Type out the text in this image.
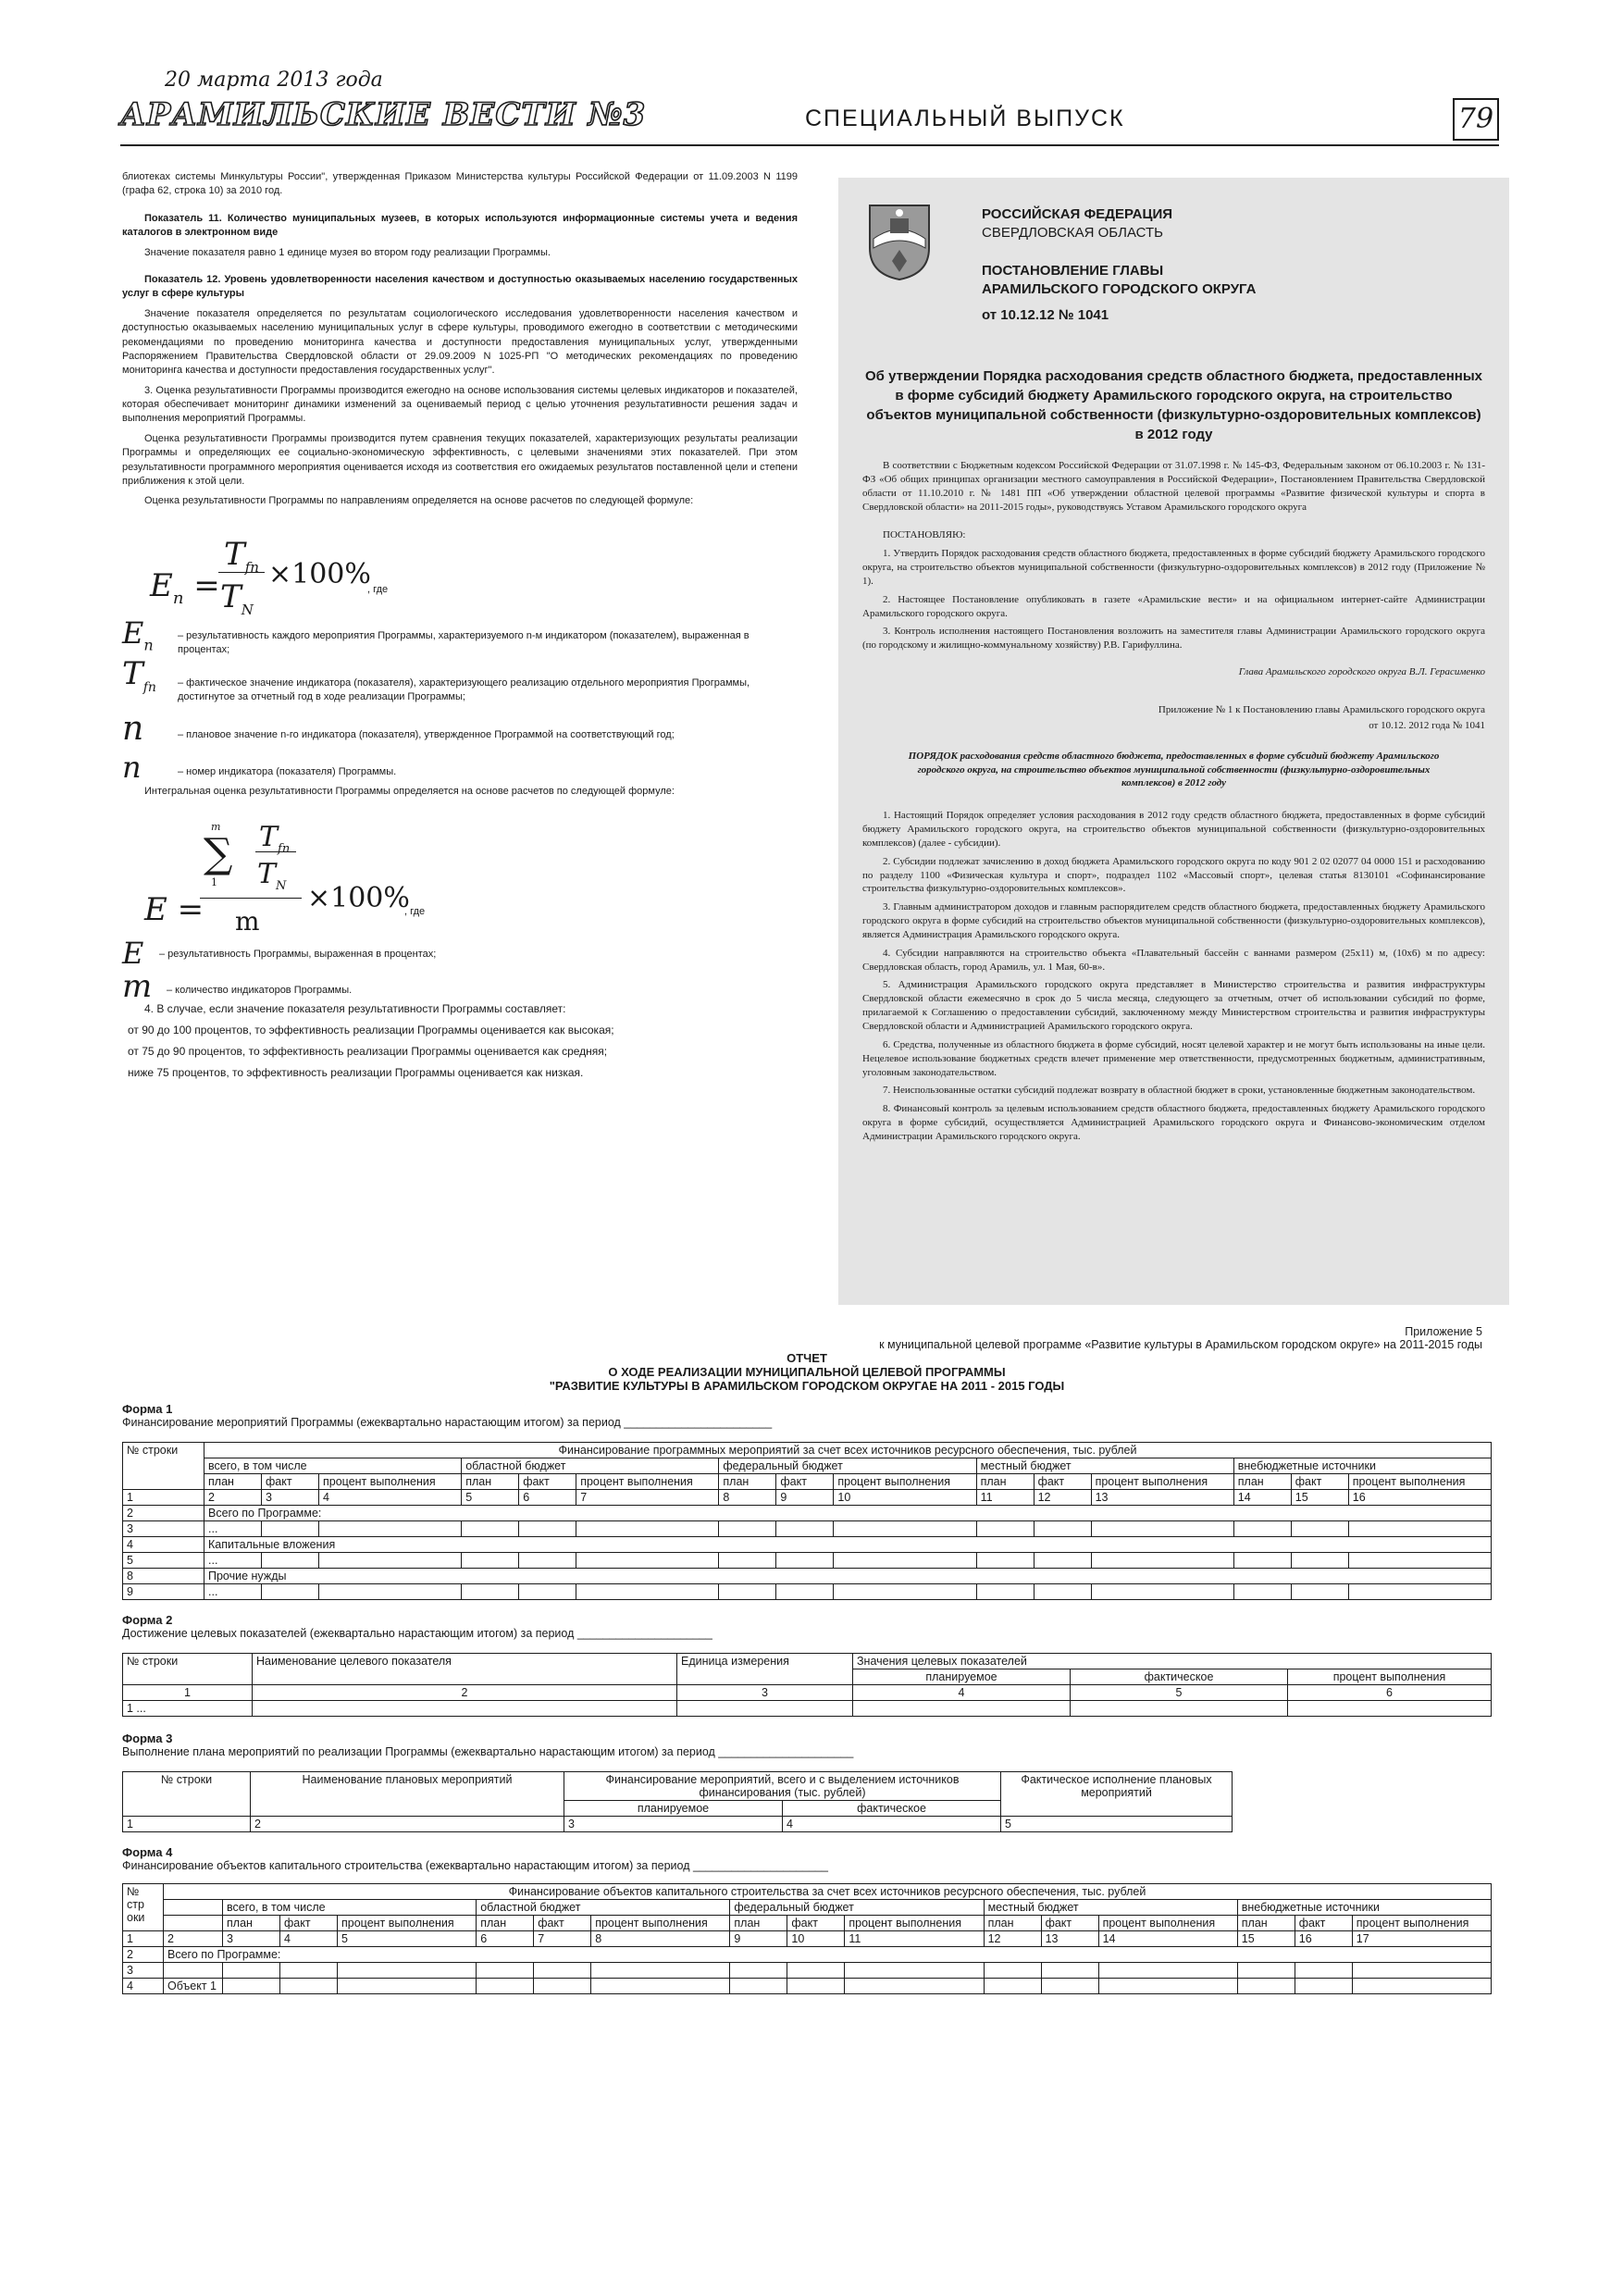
20 марта 2013 года
АРАМИЛЬСКИЕ ВЕСТИ №3	СПЕЦИАЛЬНЫЙ ВЫПУСК	79

блиотеках системы Минкультуры России", утвержденная Приказом Министерства культуры Российской Федерации от 11.09.2003 N 1199 (графа 62, строка 10) за 2010 год.

Показатель 11. Количество муниципальных музеев, в которых используются информационные системы учета и ведения каталогов в электронном виде

Значение показателя равно 1 единице музея во втором году реализации Программы.

Показатель 12. Уровень удовлетворенности населения качеством и доступностью оказываемых населению государственных услуг в сфере культуры

Значение показателя определяется по результатам социологического исследования удовлетворенности населения качеством и доступностью оказываемых населению муниципальных услуг в сфере культуры, проводимого ежегодно в соответствии с методическими рекомендациями по проведению мониторинга качества и доступности предоставления муниципальных услуг, утвержденными Распоряжением Правительства Свердловской области от 29.09.2009 N 1025-РП "О методических рекомендациях по проведению мониторинга качества и доступности предоставления государственных услуг".

3. Оценка результативности Программы производится ежегодно на основе использования системы целевых индикаторов и показателей, которая обеспечивает мониторинг динамики изменений за оцениваемый период с целью уточнения результативности решения задач и выполнения мероприятий Программы.

Оценка результативности Программы производится путем сравнения текущих показателей, характеризующих результаты реализации Программы и определяющих ее социально-экономическую эффективность, с целевыми значениями этих показателей. При этом результативности программного мероприятия оценивается исходя из соответствия его ожидаемых результатов поставленной цели и степени приближения к этой цели.

Оценка результативности Программы по направлениям определяется на основе расчетов по следующей формуле:

$E_n$ =
$T_{fn}$
$T_N$
×100%
, где
$E_n$
– результативность каждого мероприятия Программы, характеризуемого n-м индикатором (показателем), выраженная в процентах;
$T_{fn}$ – фактическое значение индикатора (показателя), характеризующего реализацию отдельного мероприятия Программы, достигнутое за отчетный год в ходе реализации Программы;
n	– плановое значение n-го индикатора (показателя), утвержденное Программой на соответствующий год;
n	– номер индикатора (показателя) Программы.

Интегральная оценка результативности Программы определяется на основе расчетов по следующей формуле:

E =
m
∑
1
$T_{fn}$
$T_N$
m
×100%
, где
E – результативность Программы, выраженная в процентах;
m – количество индикаторов Программы.

4. В случае, если значение показателя результативности Программы составляет:

от 90 до 100 процентов, то эффективность реализации Программы оценивается как высокая;

от 75 до 90 процентов, то эффективность реализации Программы оценивается как средняя;

ниже 75 процентов, то эффективность реализации Программы оценивается как низкая.

РОССИЙСКАЯ ФЕДЕРАЦИЯ
СВЕРДЛОВСКАЯ ОБЛАСТЬ
ПОСТАНОВЛЕНИЕ ГЛАВЫ
АРАМИЛЬСКОГО ГОРОДСКОГО ОКРУГА
от 10.12.12 № 1041
Об утверждении Порядка расходования средств областного бюджета, предоставленных в форме субсидий бюджету Арамильского городского округа, на строительство объектов муниципальной собственности (физкультурно-оздоровительных комплексов) в 2012 году

В соответствии с Бюджетным кодексом Российской Федерации от 31.07.1998 г. № 145-ФЗ, Федеральным законом от 06.10.2003 г. № 131-ФЗ «Об общих принципах организации местного самоуправления в Российской Федерации», Постановлением Правительства Свердловской области от 11.10.2010 г. № 1481 ПП «Об утверждении областной целевой программы «Развитие физической культуры и спорта в Свердловской области» на 2011-2015 годы», руководствуясь Уставом Арамильского городского округа

ПОСТАНОВЛЯЮ:

1. Утвердить Порядок расходования средств областного бюджета, предоставленных в форме субсидий бюджету Арамильского городского округа, на строительство объектов муниципальной собственности (физкультурно-оздоровительных комплексов) в 2012 году (Приложение № 1).

2. Настоящее Постановление опубликовать в газете «Арамильские вести» и на официальном интернет-сайте Администрации Арамильского городского округа.

3. Контроль исполнения настоящего Постановления возложить на заместителя главы Администрации Арамильского городского округа (по городскому и жилищно-коммунальному хозяйству) Р.В. Гарифуллина.

Глава Арамильского городского округа В.Л. Герасименко

Приложение № 1 к Постановлению главы Арамильского городского округа

от 10.12. 2012 года № 1041

ПОРЯДОК расходования средств областного бюджета, предоставленных в форме субсидий бюджету Арамильского городского округа, на строительство объектов муниципальной собственности (физкультурно-оздоровительных комплексов) в 2012 году

1. Настоящий Порядок определяет условия расходования в 2012 году средств областного бюджета, предоставленных в форме субсидий бюджету Арамильского городского округа, на строительство объектов муниципальной собственности (физкультурно-оздоровительных комплексов) (далее - субсидии).

2. Субсидии подлежат зачислению в доход бюджета Арамильского городского округа по коду 901 2 02 02077 04 0000 151 и расходованию по разделу 1100 «Физическая культура и спорт», подраздел 1102 «Массовый спорт», целевая статья 8130101 «Софинансирование строительства физкультурно-оздоровительных комплексов».

3. Главным администратором доходов и главным распорядителем средств областного бюджета, предоставленных бюджету Арамильского городского округа в форме субсидий на строительство объектов муниципальной собственности (физкультурно-оздоровительных комплексов), является Администрация Арамильского городского округа.

4. Субсидии направляются на строительство объекта «Плавательный бассейн с ваннами размером (25х11) м, (10х6) м по адресу: Свердловская область, город Арамиль, ул. 1 Мая, 60-в».

5. Администрация Арамильского городского округа представляет в Министерство строительства и развития инфраструктуры Свердловской области ежемесячно в срок до 5 числа месяца, следующего за отчетным, отчет об использовании субсидий по форме, прилагаемой к Соглашению о предоставлении субсидий, заключенному между Министерством строительства и развития инфраструктуры Свердловской области и Администрацией Арамильского городского округа.

6. Средства, полученные из областного бюджета в форме субсидий, носят целевой характер и не могут быть использованы на иные цели. Нецелевое использование бюджетных средств влечет применение мер ответственности, предусмотренных бюджетным, административным, уголовным законодательством.

7. Неиспользованные остатки субсидий подлежат возврату в областной бюджет в сроки, установленные бюджетным законодательством.

8. Финансовый контроль за целевым использованием средств областного бюджета, предоставленных бюджету Арамильского городского округа в форме субсидий, осуществляется Администрацией Арамильского городского округа и Финансово-экономическим отделом Администрации Арамильского городского округа.

Приложение 5
к муниципальной целевой программе «Развитие культуры в Арамильском городском округе» на 2011-2015 годы
ОТЧЕТ
О ХОДЕ РЕАЛИЗАЦИИ МУНИЦИПАЛЬНОЙ ЦЕЛЕВОЙ ПРОГРАММЫ
"РАЗВИТИЕ КУЛЬТУРЫ В АРАМИЛЬСКОМ ГОРОДСКОМ ОКРУГАЕ НА 2011 - 2015 ГОДЫ
Форма 1
Финансирование мероприятий Программы (ежеквартально нарастающим итогом) за период _______________________
№ строки	Финансирование программных мероприятий за счет всех источников ресурсного обеспечения, тыс. рублей														
	всего, в том числе			областной бюджет			федеральный бюджет			местный бюджет			внебюджетные источники		
	план	факт	процент выполнения	план	факт	процент выполнения	план	факт	процент выполнения	план	факт	процент выполнения	план	факт	процент выполнения
1	2	3	4	5	6	7	8	9	10	11	12	13	14	15	16
2	Всего по Программе:														
3	...														
4	Капитальные вложения														
5	...														
8	Прочие нужды														
9	...														
Форма 2
Достижение целевых показателей (ежеквартально нарастающим итогом) за период _____________________
№ строки	Наименование целевого показателя	Единица измерения	Значения целевых показателей		
			планируемое	фактическое	процент выполнения
1	2	3	4	5	6
1 ...					
Форма 3
Выполнение плана мероприятий по реализации Программы (ежеквартально нарастающим итогом) за период _____________________
№ строки	Наименование плановых мероприятий	Финансирование мероприятий, всего и с выделением источников финансирования (тыс. рублей)		Фактическое исполнение плановых мероприятий
		планируемое	фактическое	
1	2	3	4	5
Форма 4
Финансирование объектов капитального строительства (ежеквартально нарастающим итогом) за период _____________________
№ стр оки	Финансирование объектов капитального строительства за счет всех источников ресурсного обеспечения, тыс. рублей															
		всего, в том числе			областной бюджет			федеральный бюджет			местный бюджет			внебюджетные источники		
		план	факт	процент выполнения	план	факт	процент выполнения	план	факт	процент выполнения	план	факт	процент выполнения	план	факт	процент выполнения
1	2	3	4	5	6	7	8	9	10	11	12	13	14	15	16	17
2	Всего по Программе:															
3																
4	Объект 1															
